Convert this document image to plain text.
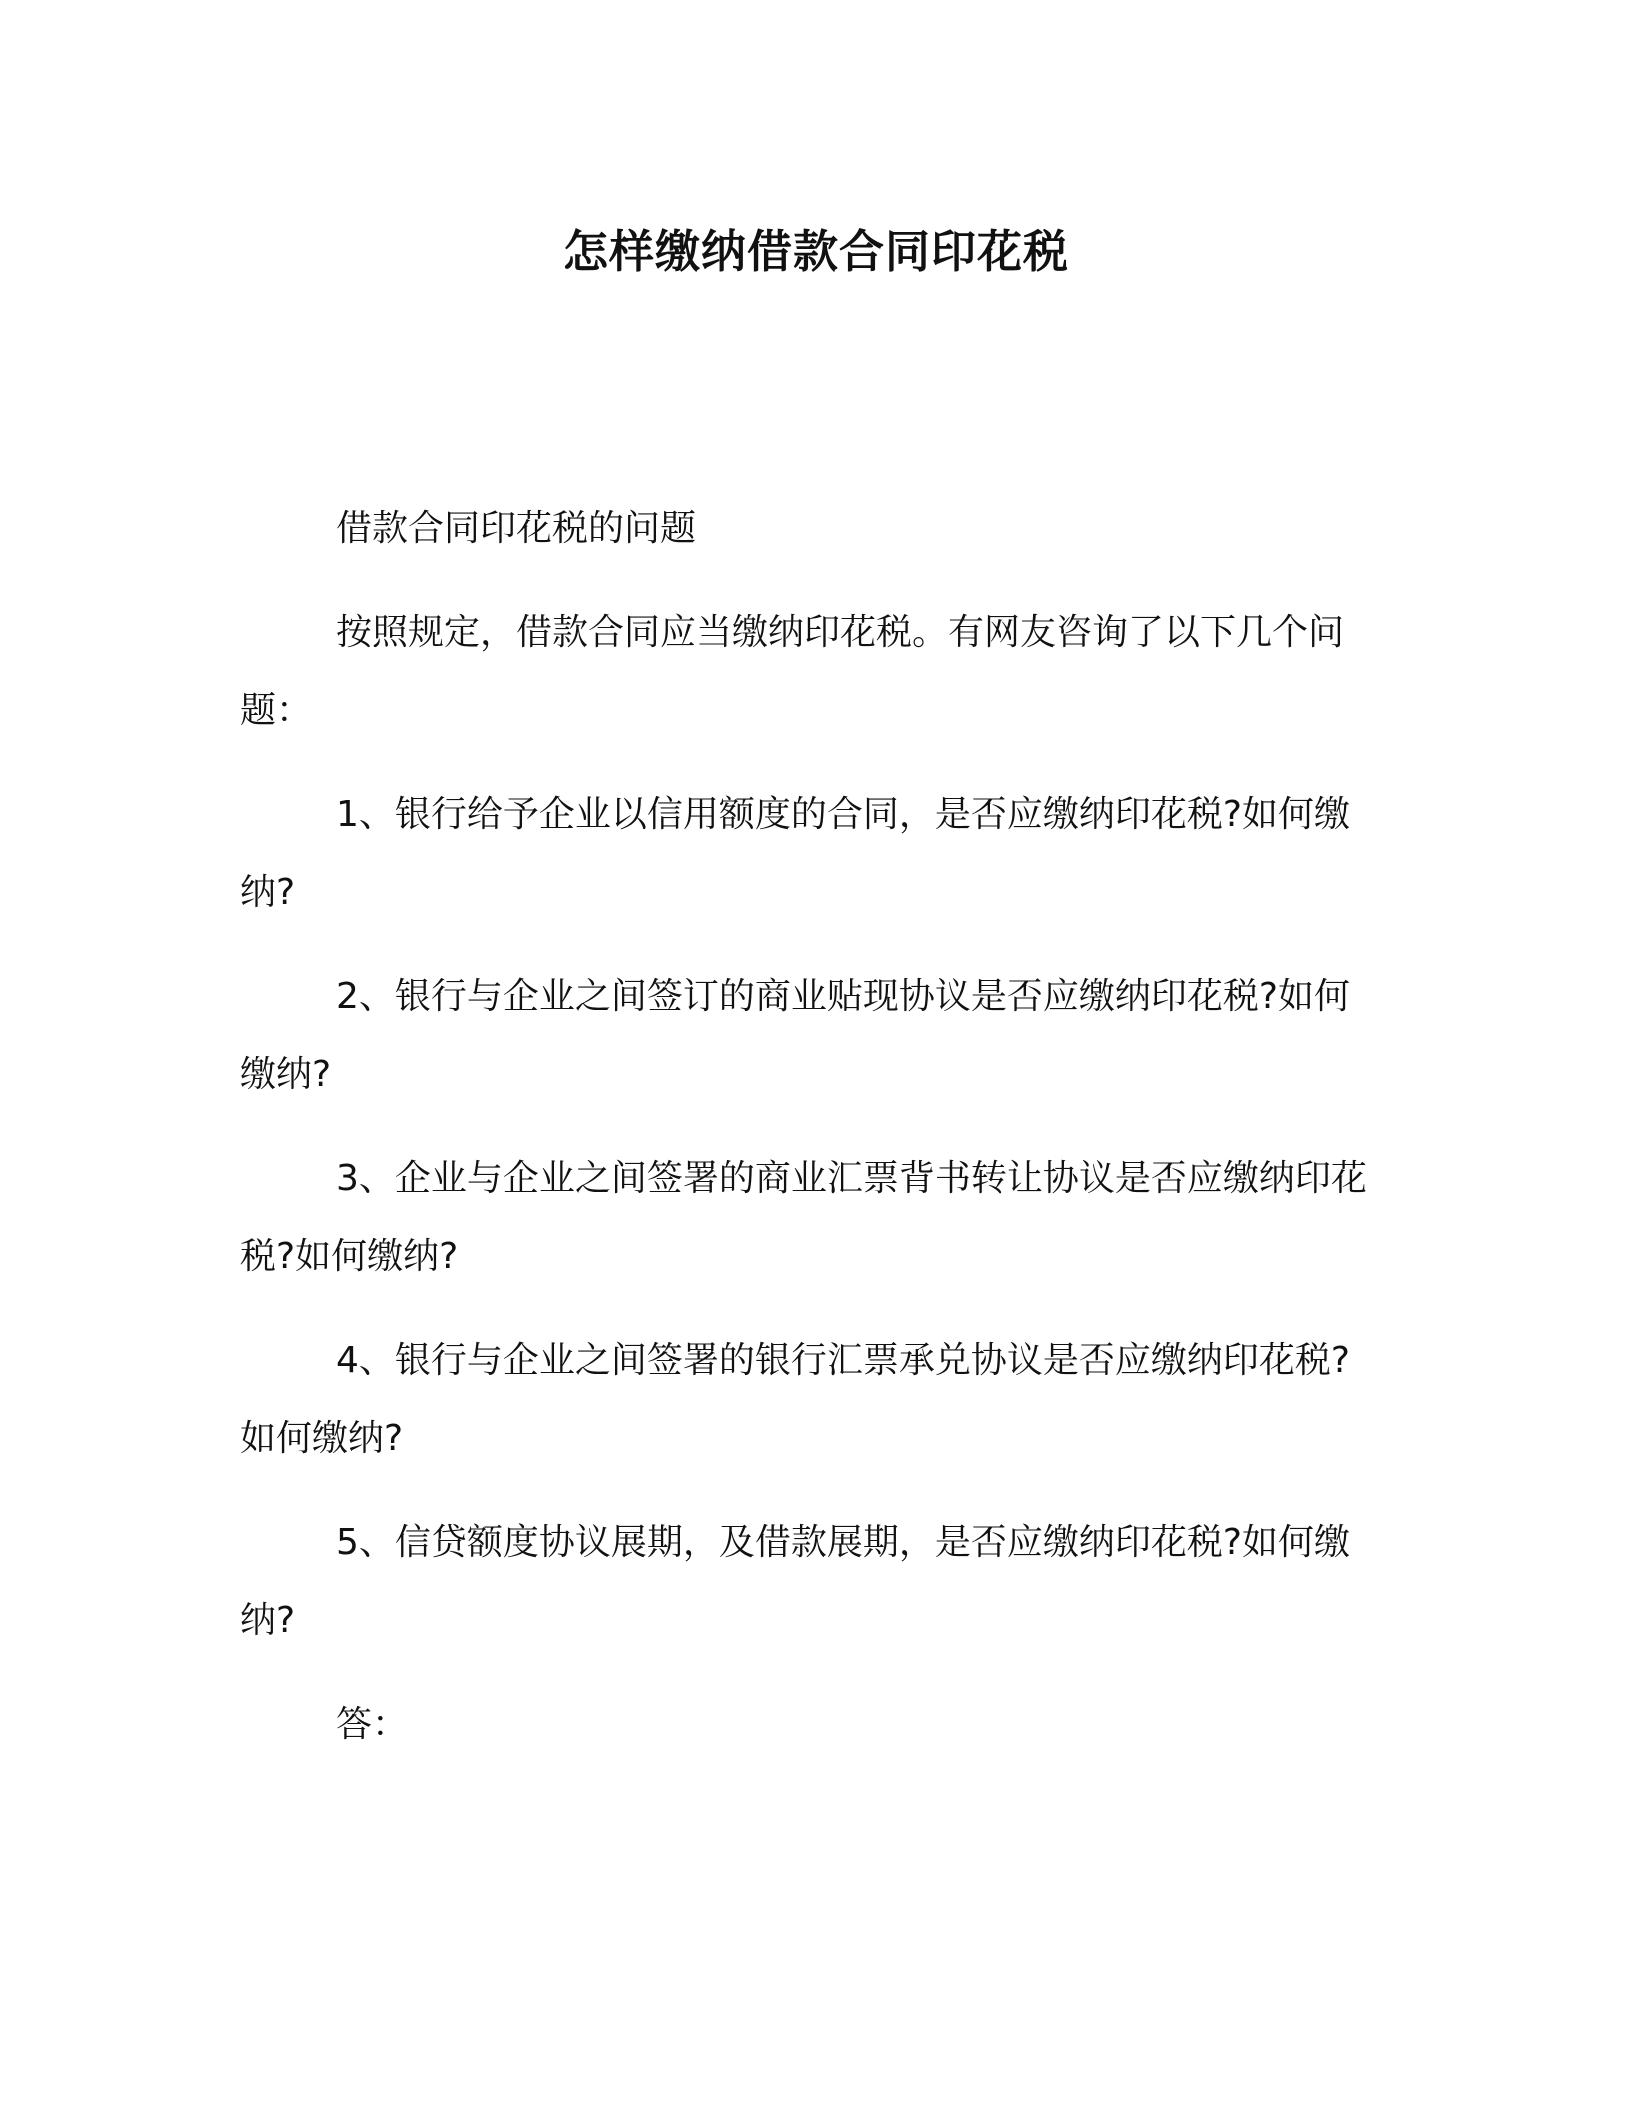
怎样缴纳借款合同印花税

借款合同印花税的问题

按照规定，借款合同应当缴纳印花税。有网友咨询了以下几个问题：

1、银行给予企业以信用额度的合同，是否应缴纳印花税?如何缴纳?

2、银行与企业之间签订的商业贴现协议是否应缴纳印花税?如何缴纳?

3、企业与企业之间签署的商业汇票背书转让协议是否应缴纳印花税?如何缴纳?

4、银行与企业之间签署的银行汇票承兑协议是否应缴纳印花税?如何缴纳?

5、信贷额度协议展期，及借款展期，是否应缴纳印花税?如何缴纳?

答：
